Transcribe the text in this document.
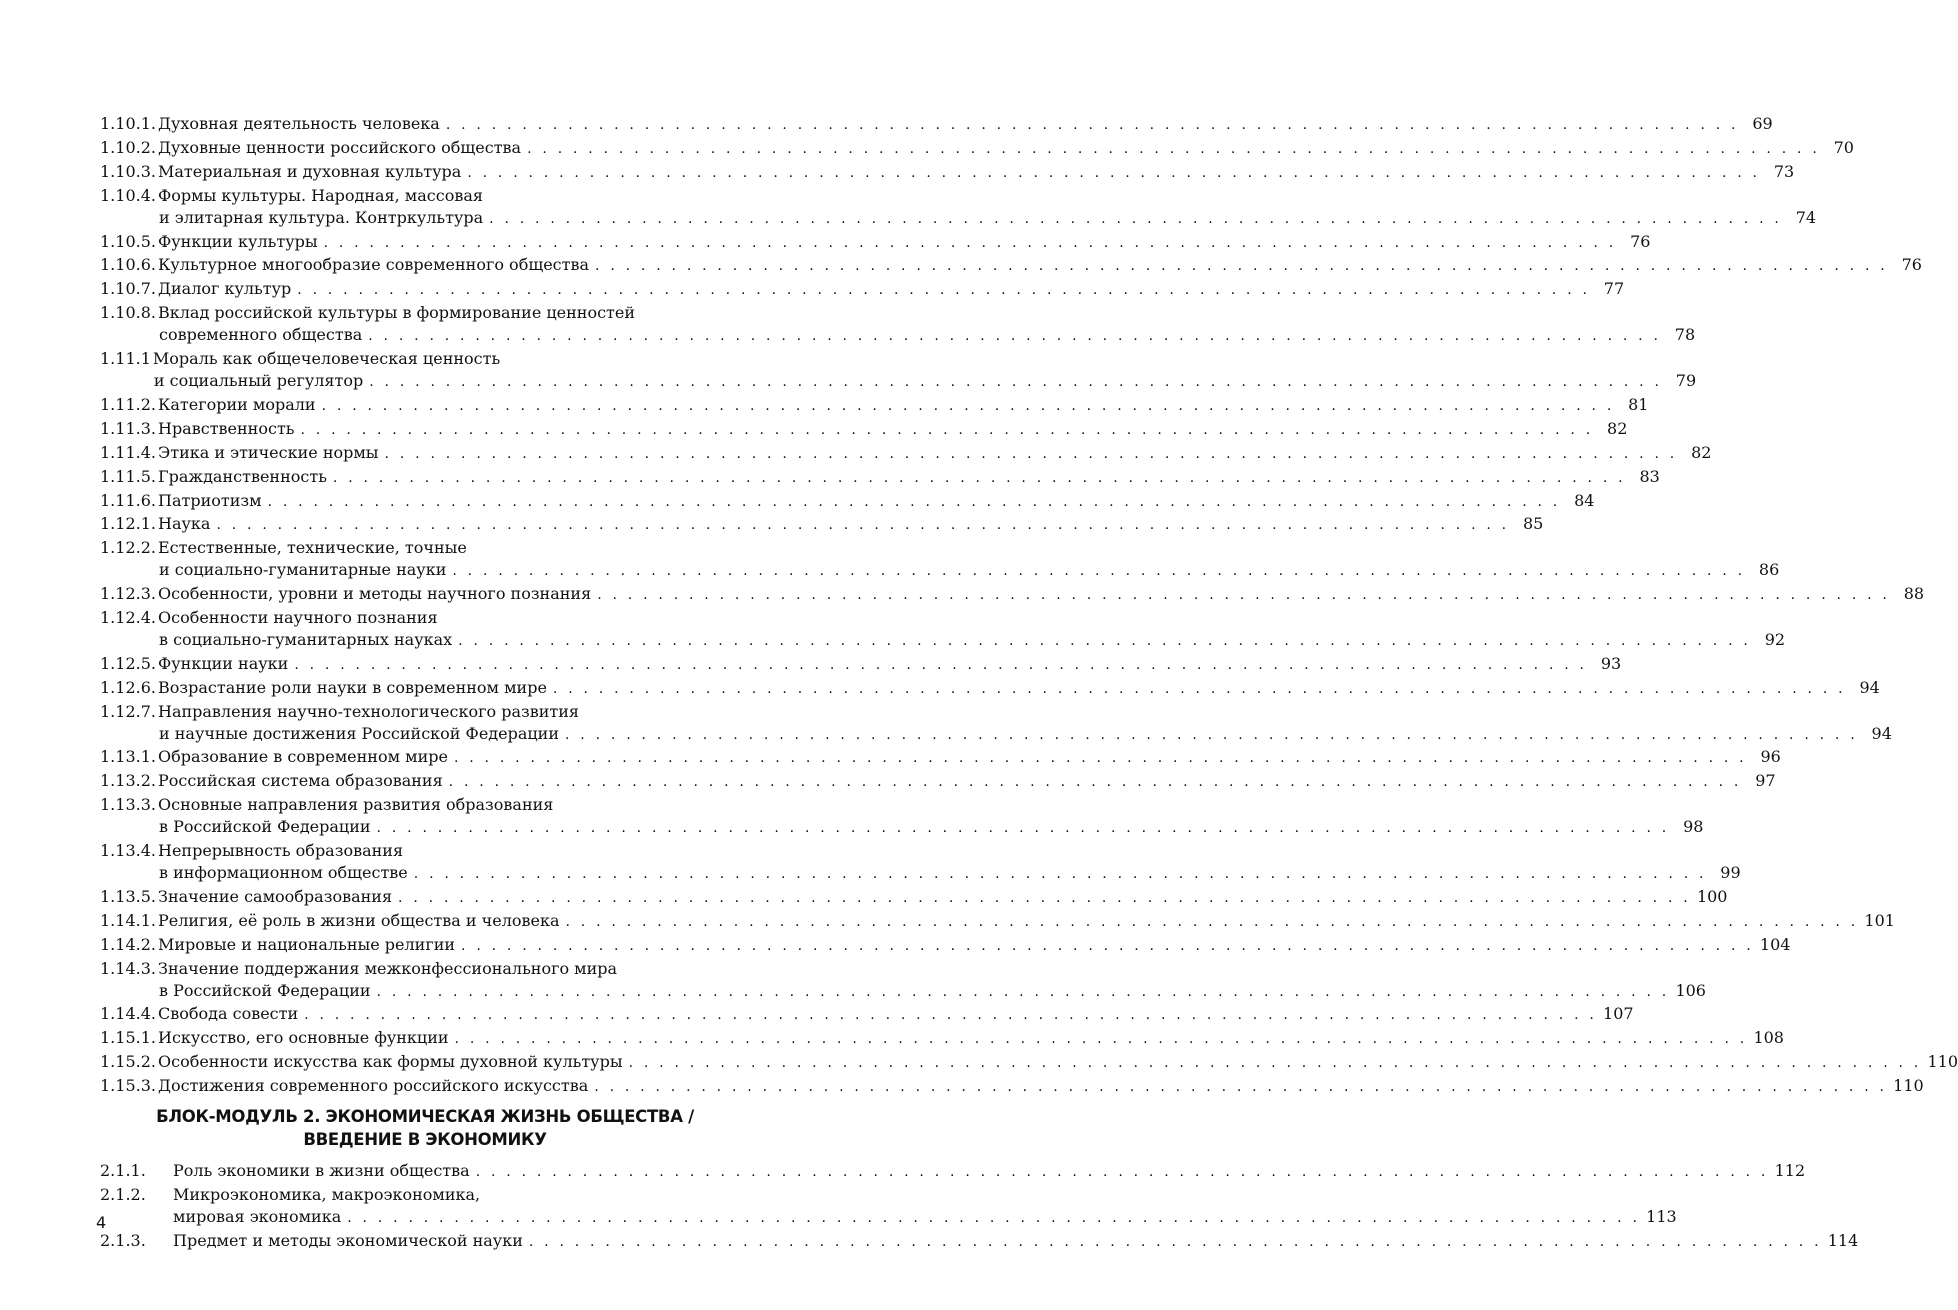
1.10.1. Духовная деятельность человека . . .	69
1.10.2. Духовные ценности российского общества . . .	70
1.10.3. Материальная и духовная культура . . .	73
1.10.4. Формы культуры. Народная, массовая
и элитарная культура. Контркультура . . .	74
1.10.5. Функции культуры . . .	76
1.10.6. Культурное многообразие современного общества . . .	76
1.10.7. Диалог культур . . .	77
1.10.8. Вклад российской культуры в формирование ценностей
современного общества . . .	78
1.11.1 Мораль как общечеловеческая ценность
и социальный регулятор . . .	79
1.11.2. Категории морали . . .	81
1.11.3. Нравственность . . .	82
1.11.4. Этика и этические нормы . . .	82
1.11.5. Гражданственность . . .	83
1.11.6. Патриотизм . . .	84
1.12.1. Наука . . .	85
1.12.2. Естественные, технические, точные
и социально-гуманитарные науки . . .	86
1.12.3. Особенности, уровни и методы научного познания . . .	88
1.12.4. Особенности научного познания
в социально-гуманитарных науках . . .	92
1.12.5. Функции науки . . .	93
1.12.6. Возрастание роли науки в современном мире . . .	94
1.12.7. Направления научно-технологического развития
и научные достижения Российской Федерации . . .	94
1.13.1. Образование в современном мире . . .	96
1.13.2. Российская система образования . . .	97
1.13.3. Основные направления развития образования
в Российской Федерации . . .	98
1.13.4. Непрерывность образования
в информационном обществе . . .	99
1.13.5. Значение самообразования . . .	100
1.14.1. Религия, её роль в жизни общества и человека . . .	101
1.14.2. Мировые и национальные религии . . .	104
1.14.3. Значение поддержания межконфессионального мира
в Российской Федерации . . .	106
1.14.4. Свобода совести . . .	107
1.15.1. Искусство, его основные функции . . .	108
1.15.2. Особенности искусства как формы духовной культуры . . .	110
1.15.3. Достижения современного российского искусства . . .	110
БЛОК-МОДУЛЬ 2. ЭКОНОМИЧЕСКАЯ ЖИЗНЬ ОБЩЕСТВА /
ВВЕДЕНИЕ В ЭКОНОМИКУ
2.1.1.	Роль экономики в жизни общества . . .	112
2.1.2.	Микроэкономика, макроэкономика,
мировая экономика . . .	113
2.1.3.	Предмет и методы экономической науки . . .	114
4
